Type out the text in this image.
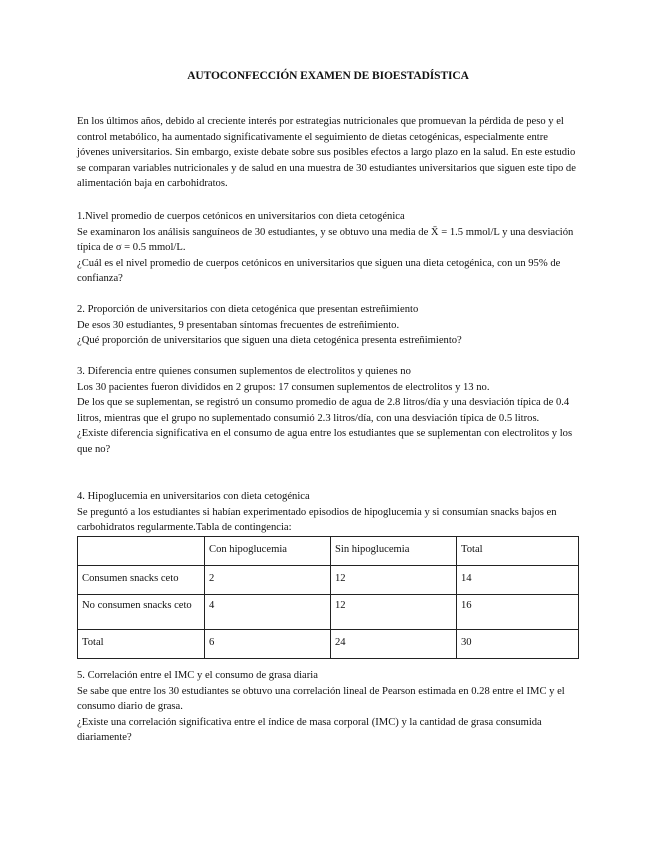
AUTOCONFECCIÓN EXAMEN DE BIOESTADÍSTICA

En los últimos años, debido al creciente interés por estrategias nutricionales que promuevan la pérdida de peso y el control metabólico, ha aumentado significativamente el seguimiento de dietas cetogénicas, especialmente entre jóvenes universitarios. Sin embargo, existe debate sobre sus posibles efectos a largo plazo en la salud. En este estudio se comparan variables nutricionales y de salud en una muestra de 30 estudiantes universitarios que siguen este tipo de alimentación baja en carbohidratos.

1.Nivel promedio de cuerpos cetónicos en universitarios con dieta cetogénica

Se examinaron los análisis sanguíneos de 30 estudiantes, y se obtuvo una media de X̄ = 1.5 mmol/L y una desviación típica de σ = 0.5 mmol/L.

¿Cuál es el nivel promedio de cuerpos cetónicos en universitarios que siguen una dieta cetogénica, con un 95% de confianza?

2. Proporción de universitarios con dieta cetogénica que presentan estreñimiento

De esos 30 estudiantes, 9 presentaban síntomas frecuentes de estreñimiento.

¿Qué proporción de universitarios que siguen una dieta cetogénica presenta estreñimiento?

3. Diferencia entre quienes consumen suplementos de electrolitos y quienes no

Los 30 pacientes fueron divididos en 2 grupos: 17 consumen suplementos de electrolitos y 13 no.

De los que se suplementan, se registró un consumo promedio de agua de 2.8 litros/día y una desviación típica de 0.4 litros, mientras que el grupo no suplementado consumió 2.3 litros/día, con una desviación típica de 0.5 litros.

¿Existe diferencia significativa en el consumo de agua entre los estudiantes que se suplementan con electrolitos y los que no?

4. Hipoglucemia en universitarios con dieta cetogénica

Se preguntó a los estudiantes si habían experimentado episodios de hipoglucemia y si consumían snacks bajos en carbohidratos regularmente.Tabla de contingencia:

	Con hipoglucemia	Sin hipoglucemia	Total
Consumen snacks ceto	2	12	14
No consumen snacks ceto	4	12	16
Total	6	24	30

5. Correlación entre el IMC y el consumo de grasa diaria

Se sabe que entre los 30 estudiantes se obtuvo una correlación lineal de Pearson estimada en 0.28 entre el IMC y el consumo diario de grasa.

¿Existe una correlación significativa entre el índice de masa corporal (IMC) y la cantidad de grasa consumida diariamente?
